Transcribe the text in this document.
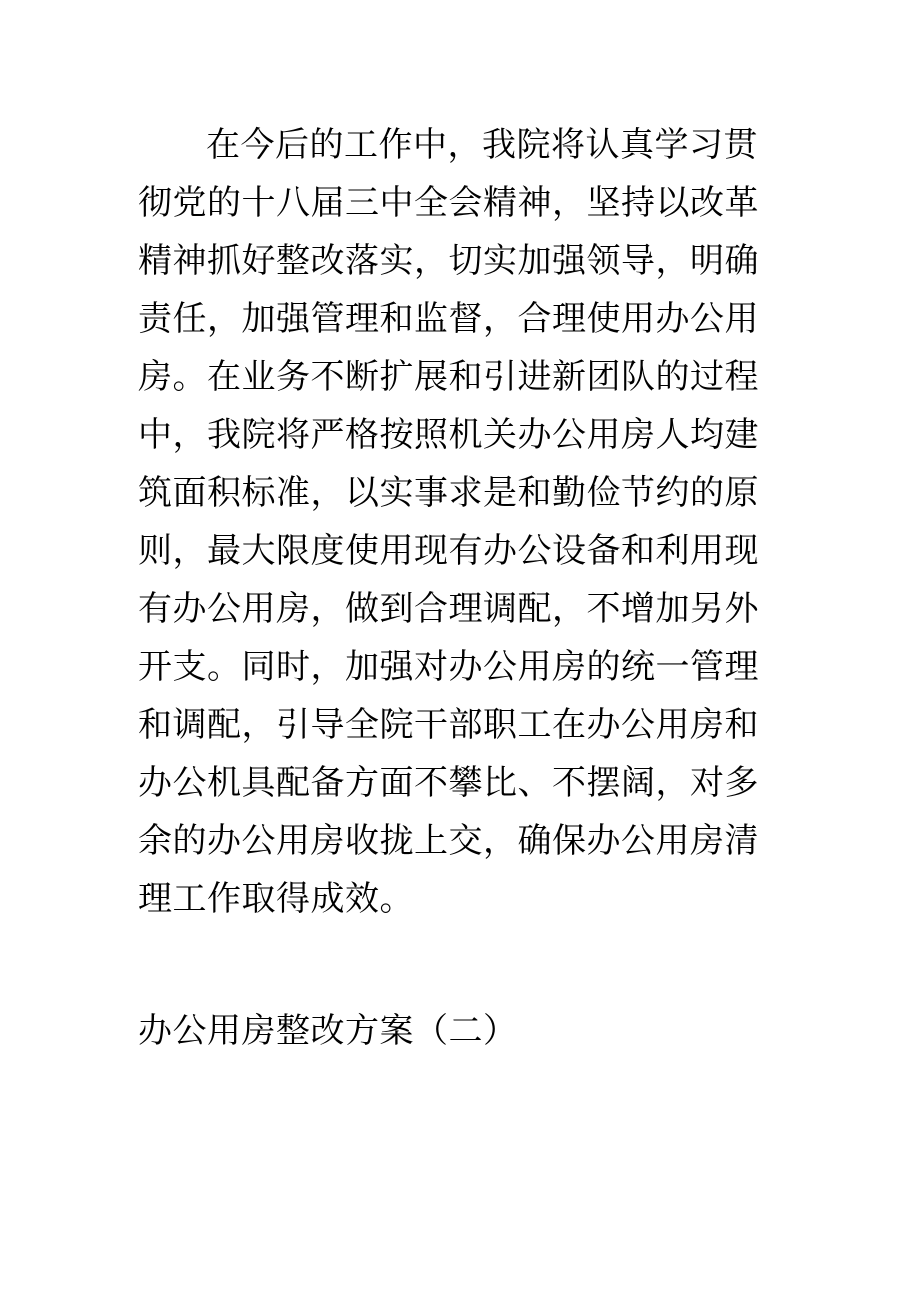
在今后的工作中，我院将认真学习贯
彻党的十八届三中全会精神，坚持以改革
精神抓好整改落实，切实加强领导，明确
责任，加强管理和监督，合理使用办公用
房。在业务不断扩展和引进新团队的过程
中，我院将严格按照机关办公用房人均建
筑面积标准，以实事求是和勤俭节约的原
则，最大限度使用现有办公设备和利用现
有办公用房，做到合理调配，不增加另外
开支。同时，加强对办公用房的统一管理
和调配，引导全院干部职工在办公用房和
办公机具配备方面不攀比、不摆阔，对多
余的办公用房收拢上交，确保办公用房清
理工作取得成效。
办公用房整改方案（二）
